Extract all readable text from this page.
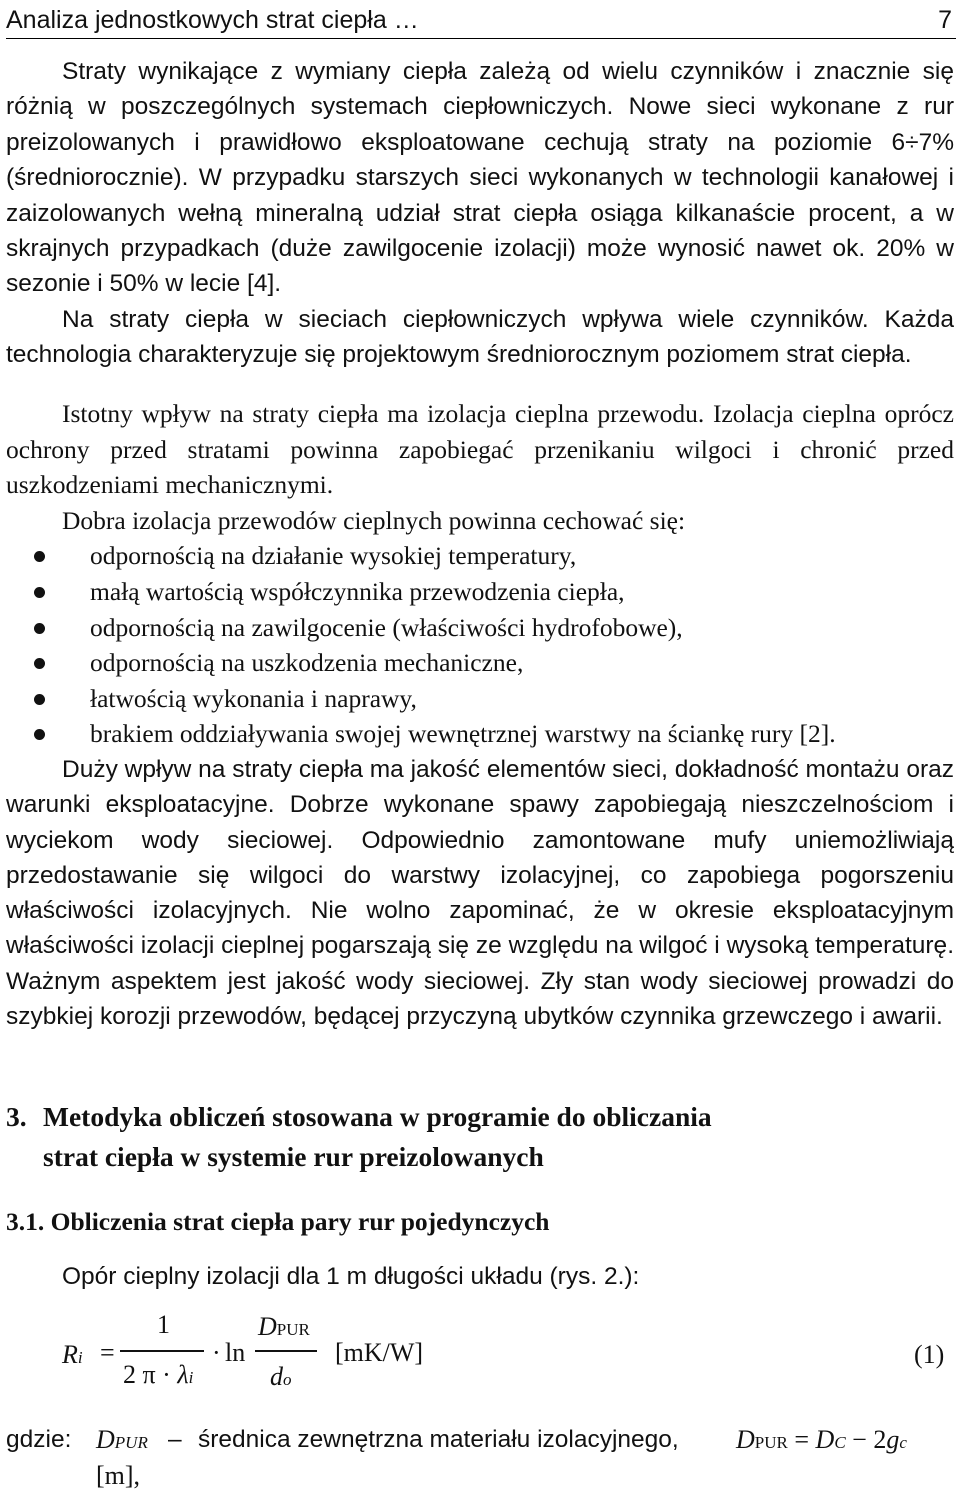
Analiza jednostkowych strat ciepła …	7

Straty wynikające z wymiany ciepła zależą od wielu czynników i znacznie się różnią w poszczególnych systemach ciepłowniczych. Nowe sieci wykonane z rur preizolowanych i prawidłowo eksploatowane cechują straty na poziomie 6÷7% (średniorocznie). W przypadku starszych sieci wykonanych w technologii kanałowej i zaizolowanych wełną mineralną udział strat ciepła osiąga kilkanaście procent, a w skrajnych przypadkach (duże zawilgocenie izolacji) może wynosić nawet ok. 20% w sezonie i 50% w lecie [4].

Na straty ciepła w sieciach ciepłowniczych wpływa wiele czynników. Każda technologia charakteryzuje się projektowym średniorocznym poziomem strat ciepła.

Istotny wpływ na straty ciepła ma izolacja cieplna przewodu. Izolacja cieplna oprócz ochrony przed stratami powinna zapobiegać przenikaniu wilgoci i chronić przed uszkodzeniami mechanicznymi.

Dobra izolacja przewodów cieplnych powinna cechować się:

odpornością na działanie wysokiej temperatury,
małą wartością współczynnika przewodzenia ciepła,
odpornością na zawilgocenie (właściwości hydrofobowe),
odpornością na uszkodzenia mechaniczne,
łatwością wykonania i naprawy,
brakiem oddziaływania swojej wewnętrznej warstwy na ściankę rury [2].

Duży wpływ na straty ciepła ma jakość elementów sieci, dokładność montażu oraz warunki eksploatacyjne. Dobrze wykonane spawy zapobiegają nieszczelnościom i wyciekom wody sieciowej. Odpowiednio zamontowane mufy uniemożliwiają przedostawanie się wilgoci do warstwy izolacyjnej, co zapobiega pogorszeniu właściwości izolacyjnych. Nie wolno zapominać, że w okresie eksploatacyjnym właściwości izolacji cieplnej pogarszają się ze względu na wilgoć i wysoką temperaturę. Ważnym aspektem jest jakość wody sieciowej. Zły stan wody sieciowej prowadzi do szybkiej korozji przewodów, będącej przyczyną ubytków czynnika grzewczego i awarii.

3. Metodyka obliczeń stosowana w programie do obliczania
strat ciepła w systemie rur preizolowanych
3.1. Obliczenia strat ciepła pary rur pojedynczych
Opór cieplny izolacji dla 1 m długości układu (rys. 2.):
Ri =
1
2 π · λi
· ln
DPUR
do
[mK/W]	(1)
gdzie: DPUR – średnica zewnętrzna materiału izolacyjnego, DPUR = DC − 2gc
[m],
